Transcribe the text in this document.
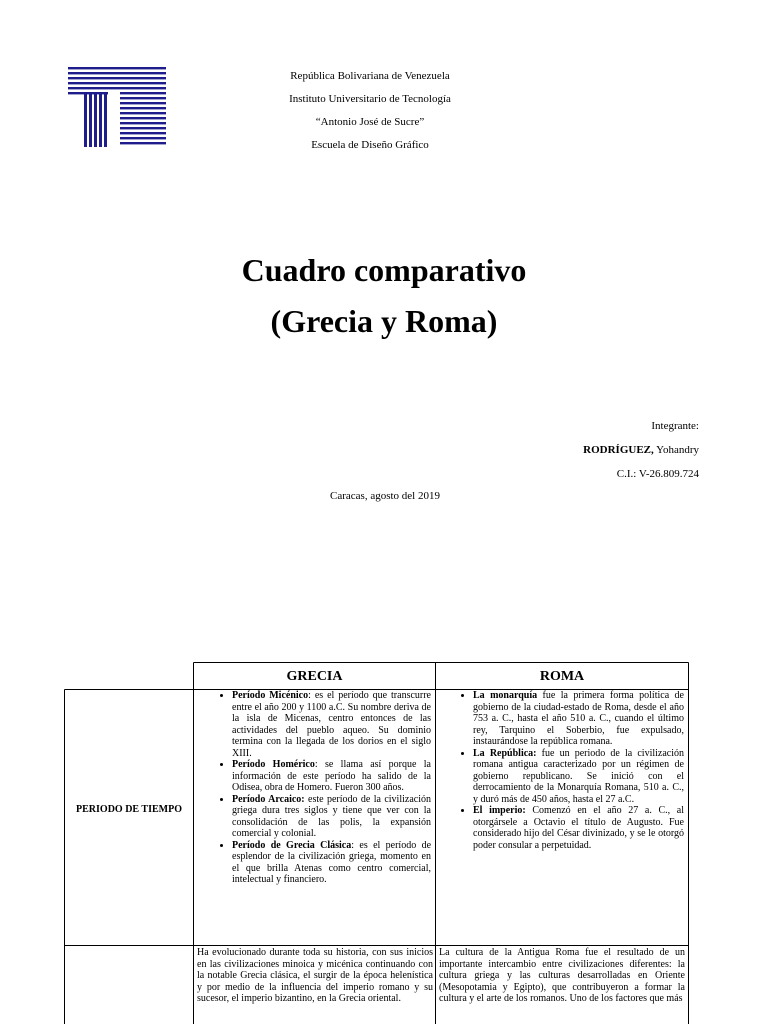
República Bolivariana de Venezuela
Instituto Universitario de Tecnología
“Antonio José de Sucre”
Escuela de Diseño Gráfico
Cuadro comparativo
(Grecia y Roma)
Integrante:
RODRÍGUEZ, Yohandry
C.I.: V-26.809.724
Caracas, agosto del 2019
GRECIA	ROMA
PERIODO DE TIEMPO
• Período Micénico: es el período que transcurre entre el año 200 y 1100 a.C. Su nombre deriva de la isla de Micenas, centro entonces de las actividades del pueblo aqueo. Su dominio termina con la llegada de los dorios en el siglo XIII.
• Período Homérico: se llama así porque la información de este período ha salido de la Odisea, obra de Homero. Fueron 300 años.
• Período Arcaico: este período de la civilización griega dura tres siglos y tiene que ver con la consolidación de las polis, la expansión comercial y colonial.
• Período de Grecia Clásica: es el período de esplendor de la civilización griega, momento en el que brilla Atenas como centro comercial, intelectual y financiero.
• La monarquía fue la primera forma política de gobierno de la ciudad-estado de Roma, desde el año 753 a. C., hasta el año 510 a. C., cuando el último rey, Tarquino el Soberbio, fue expulsado, instaurándose la república romana.
• La República: fue un periodo de la civilización romana antigua caracterizado por un régimen de gobierno republicano. Se inició con el derrocamiento de la Monarquía Romana, 510 a. C., y duró más de 450 años, hasta el 27 a.C.
• El imperio: Comenzó en el año 27 a. C., al otorgársele a Octavio el título de Augusto. Fue considerado hijo del César divinizado, y se le otorgó poder consular a perpetuidad.

Ha evolucionado durante toda su historia, con sus inicios en las civilizaciones minoica y micénica continuando con la notable Grecia clásica, el surgir de la época helenística y por medio de la influencia del imperio romano y su sucesor, el imperio bizantino, en la Grecia oriental.

La cultura de la Antigua Roma fue el resultado de un importante intercambio entre civilizaciones diferentes: la cultura griega y las culturas desarrolladas en Oriente (Mesopotamia y Egipto), que contribuyeron a formar la cultura y el arte de los romanos. Uno de los factores que más
